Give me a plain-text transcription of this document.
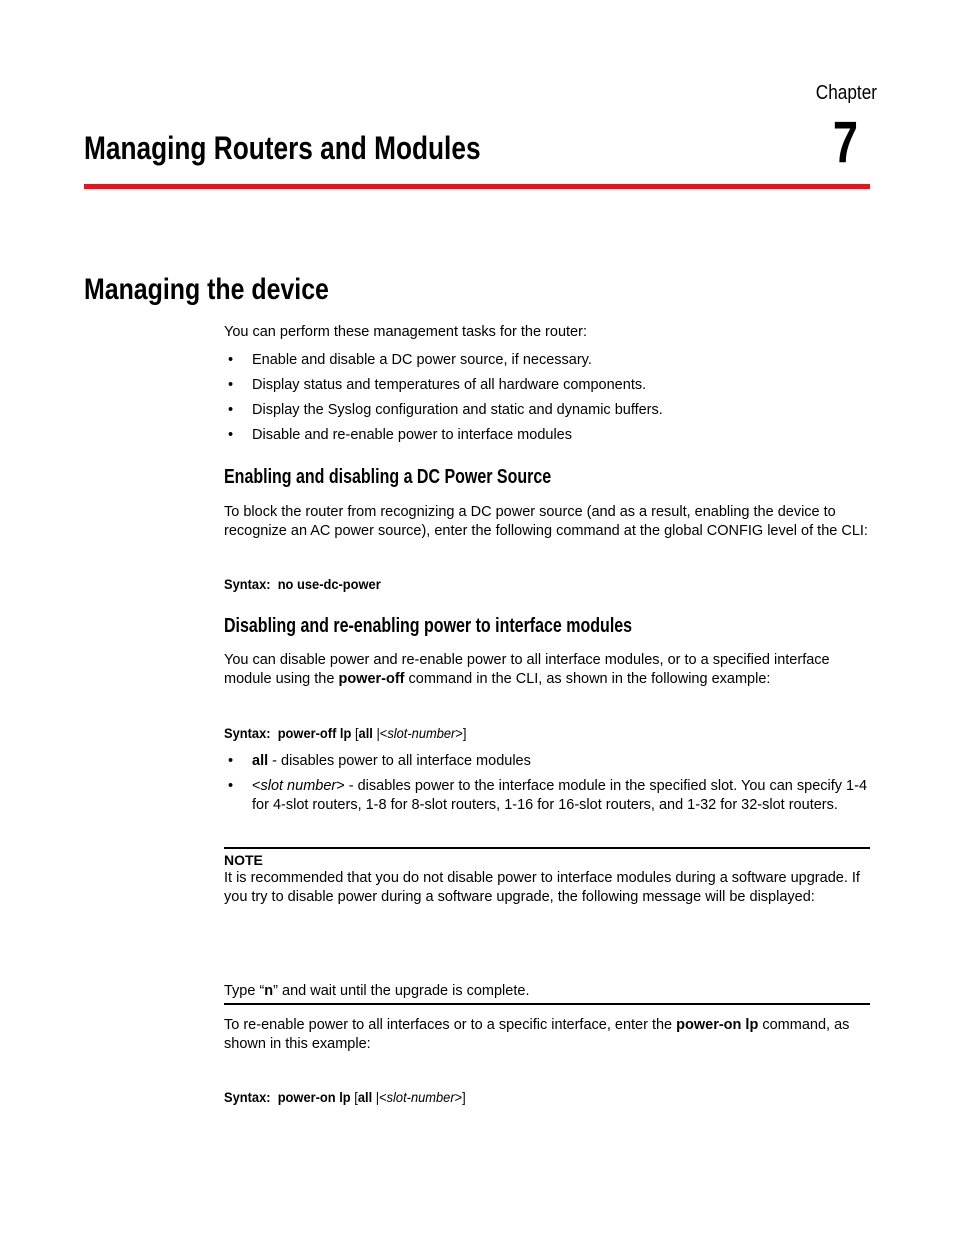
Chapter
7
Managing Routers and Modules
Managing the device
You can perform these management tasks for the router:
• Enable and disable a DC power source, if necessary.
• Display status and temperatures of all hardware components.
• Display the Syslog configuration and static and dynamic buffers.
• Disable and re-enable power to interface modules
Enabling and disabling a DC Power Source
To block the router from recognizing a DC power source (and as a result, enabling the device to recognize an AC power source), enter the following command at the global CONFIG level of the CLI:
Syntax: no use-dc-power
Disabling and re-enabling power to interface modules
You can disable power and re-enable power to all interface modules, or to a specified interface module using the power-off command in the CLI, as shown in the following example:
Syntax: power-off lp [all |<slot-number>]
• all - disables power to all interface modules
• <slot number> - disables power to the interface module in the specified slot. You can specify 1-4 for 4-slot routers, 1-8 for 8-slot routers, 1-16 for 16-slot routers, and 1-32 for 32-slot routers.
NOTE
It is recommended that you do not disable power to interface modules during a software upgrade. If you try to disable power during a software upgrade, the following message will be displayed:
Type “n” and wait until the upgrade is complete.
To re-enable power to all interfaces or to a specific interface, enter the power-on lp command, as shown in this example:
Syntax: power-on lp [all |<slot-number>]
